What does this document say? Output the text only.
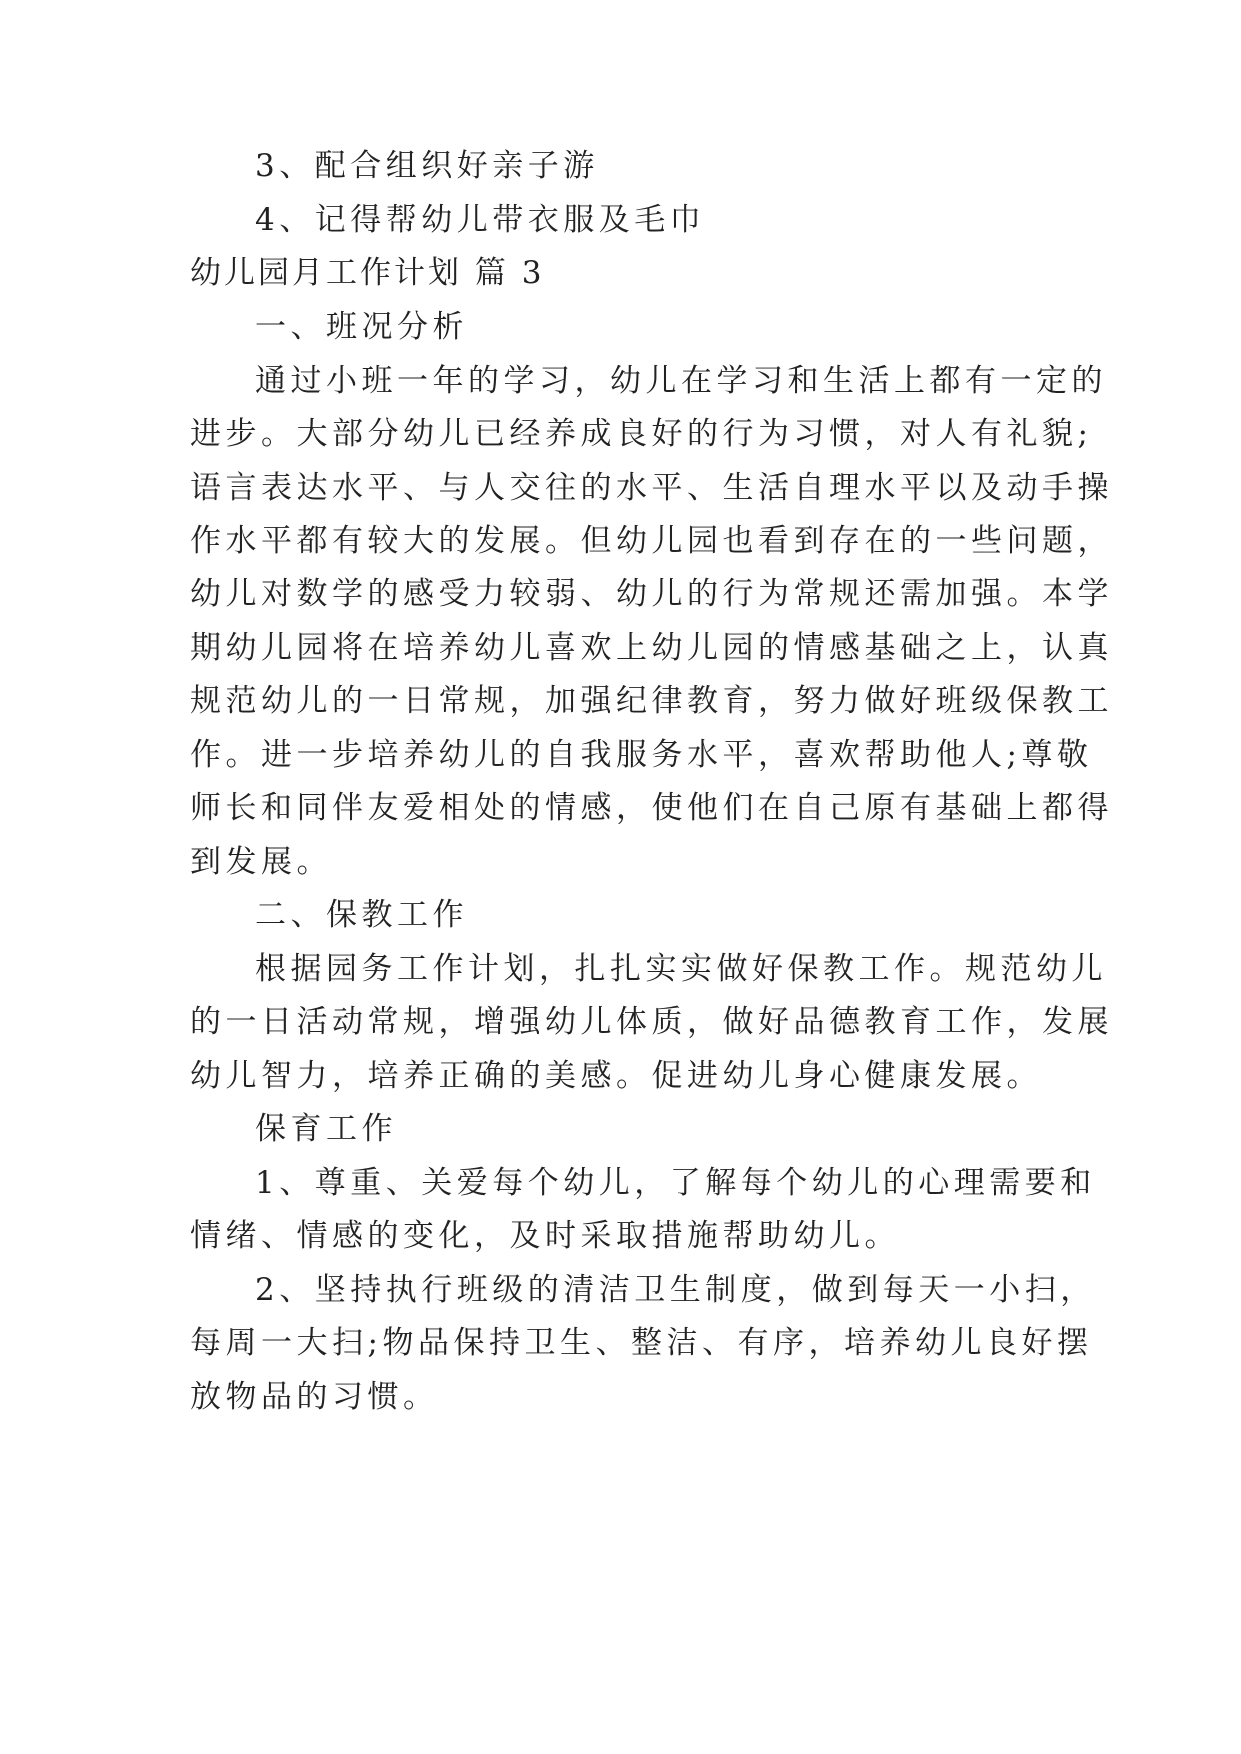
3、配合组织好亲子游

4、记得帮幼儿带衣服及毛巾

幼儿园月工作计划 篇 3

一、班况分析

通过小班一年的学习，幼儿在学习和生活上都有一定的

进步。大部分幼儿已经养成良好的行为习惯，对人有礼貌;

语言表达水平、与人交往的水平、生活自理水平以及动手操

作水平都有较大的发展。但幼儿园也看到存在的一些问题，

幼儿对数学的感受力较弱、幼儿的行为常规还需加强。本学

期幼儿园将在培养幼儿喜欢上幼儿园的情感基础之上，认真

规范幼儿的一日常规，加强纪律教育，努力做好班级保教工

作。进一步培养幼儿的自我服务水平，喜欢帮助他人;尊敬

师长和同伴友爱相处的情感，使他们在自己原有基础上都得

到发展。

二、保教工作

根据园务工作计划，扎扎实实做好保教工作。规范幼儿

的一日活动常规，增强幼儿体质，做好品德教育工作，发展

幼儿智力，培养正确的美感。促进幼儿身心健康发展。

保育工作

1、尊重、关爱每个幼儿，了解每个幼儿的心理需要和

情绪、情感的变化，及时采取措施帮助幼儿。

2、坚持执行班级的清洁卫生制度，做到每天一小扫，

每周一大扫;物品保持卫生、整洁、有序，培养幼儿良好摆

放物品的习惯。
